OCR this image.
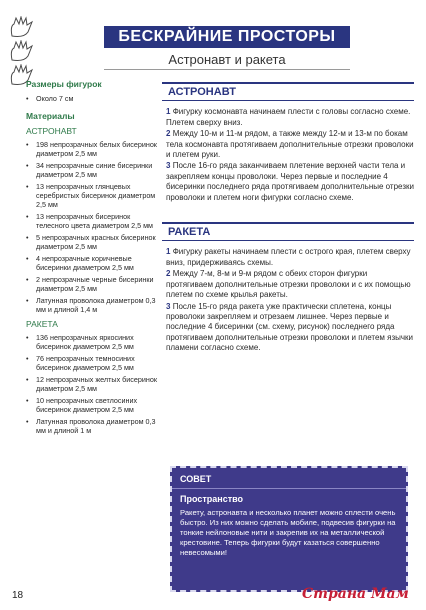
БЕСКРАЙНИЕ ПРОСТОРЫ
Астронавт и ракета
Размеры фигурок
•	Около 7 см
Материалы
АСТРОНАВТ
•	198 непрозрачных белых бисеринок диаметром 2,5 мм
•	34 непрозрачные синие бисеринки диаметром 2,5 мм
•	13 непрозрачных глянцевых серебристых бисеринок диаметром 2,5 мм
•	13 непрозрачных бисеринок телесного цвета диаметром 2,5 мм
•	5 непрозрачных красных бисеринок диаметром 2,5 мм
•	4 непрозрачные коричневые бисеринки диаметром 2,5 мм
•	2 непрозрачные черные бисеринки диаметром 2,5 мм
•	Латунная проволока диаметром 0,3 мм и длиной 1,4 м
РАКЕТА
•	136 непрозрачных яркосиних бисеринок диаметром 2,5 мм
•	76 непрозрачных темносиних бисеринок диаметром 2,5 мм
•	12 непрозрачных желтых бисеринок диаметром 2,5 мм
•	10 непрозрачных светлосиних бисеринок диаметром 2,5 мм
•	Латунная проволока диаметром 0,3 мм и длиной 1 м
АСТРОНАВТ

1 Фигурку космонавта начинаем плести с головы согласно схеме. Плетем сверху вниз.

2 Между 10-м и 11-м рядом, а также между 12-м и 13-м по бокам тела космонавта протягиваем дополнительные отрезки проволоки и плетем руки.

3 После 16-го ряда заканчиваем плетение верхней части тела и закрепляем концы проволоки. Через первые и последние 4 бисеринки последнего ряда протягиваем дополнительные отрезки проволоки и плетем ноги фигурки согласно схеме.

РАКЕТА

1 Фигурку ракеты начинаем плести с острого края, плетем сверху вниз, придерживаясь схемы.

2 Между 7-м, 8-м и 9-м рядом с обеих сторон фигурки протягиваем дополнительные отрезки проволоки и с их помощью плетем по схеме крылья ракеты.

3 После 15-го ряда ракета уже практически сплетена, концы проволоки закрепляем и отрезаем лишнее. Через первые и последние 4 бисеринки (см. схему, рисунок) последнего ряда протягиваем дополнительные отрезки проволоки и плетем язычки пламени согласно схеме.

СОВЕТ
Пространство
Ракету, астронавта и несколько планет можно сплести очень быстро. Из них можно сделать мобиле, подвесив фигурки на тонкие нейлоновые нити и закрепив их на металлической крестовине. Теперь фигурки будут казаться совершенно невесомыми!
18	Страна Мам
